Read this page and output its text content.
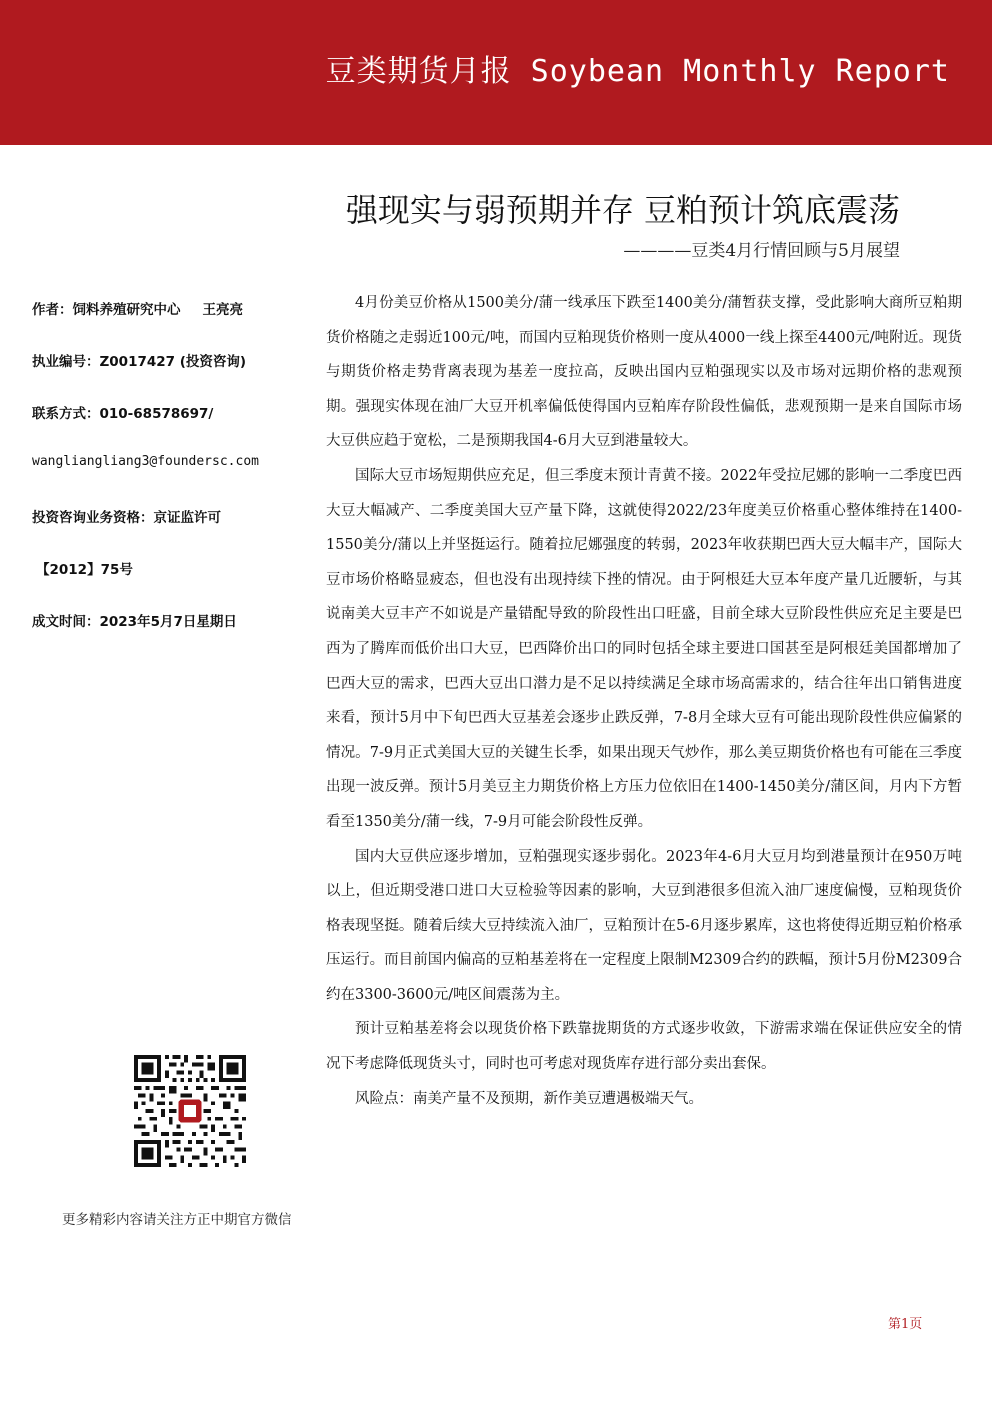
豆类期货月报 Soybean Monthly Report
强现实与弱预期并存 豆粕预计筑底震荡
————豆类4月行情回顾与5月展望
作者：饲料养殖研究中心 王亮亮
执业编号：Z0017427 (投资咨询)
联系方式：010-68578697/
wangliangliang3@foundersc.com
投资咨询业务资格：京证监许可
【2012】75号
成文时间：2023年5月7日星期日
更多精彩内容请关注方正中期官方微信

4月份美豆价格从1500美分/蒲一线承压下跌至1400美分/蒲暂获支撑，受此影响大商所豆粕期货价格随之走弱近100元/吨，而国内豆粕现货价格则一度从4000一线上探至4400元/吨附近。现货与期货价格走势背离表现为基差一度拉高，反映出国内豆粕强现实以及市场对远期价格的悲观预期。强现实体现在油厂大豆开机率偏低使得国内豆粕库存阶段性偏低，悲观预期一是来自国际市场大豆供应趋于宽松，二是预期我国4-6月大豆到港量较大。

国际大豆市场短期供应充足，但三季度末预计青黄不接。2022年受拉尼娜的影响一二季度巴西大豆大幅减产、二季度美国大豆产量下降，这就使得2022/23年度美豆价格重心整体维持在1400-1550美分/蒲以上并坚挺运行。随着拉尼娜强度的转弱，2023年收获期巴西大豆大幅丰产，国际大豆市场价格略显疲态，但也没有出现持续下挫的情况。由于阿根廷大豆本年度产量几近腰斩，与其说南美大豆丰产不如说是产量错配导致的阶段性出口旺盛，目前全球大豆阶段性供应充足主要是巴西为了腾库而低价出口大豆，巴西降价出口的同时包括全球主要进口国甚至是阿根廷美国都增加了巴西大豆的需求，巴西大豆出口潜力是不足以持续满足全球市场高需求的，结合往年出口销售进度来看，预计5月中下旬巴西大豆基差会逐步止跌反弹，7-8月全球大豆有可能出现阶段性供应偏紧的情况。7-9月正式美国大豆的关键生长季，如果出现天气炒作，那么美豆期货价格也有可能在三季度出现一波反弹。预计5月美豆主力期货价格上方压力位依旧在1400-1450美分/蒲区间，月内下方暂看至1350美分/蒲一线，7-9月可能会阶段性反弹。

国内大豆供应逐步增加，豆粕强现实逐步弱化。2023年4-6月大豆月均到港量预计在950万吨以上，但近期受港口进口大豆检验等因素的影响，大豆到港很多但流入油厂速度偏慢，豆粕现货价格表现坚挺。随着后续大豆持续流入油厂，豆粕预计在5-6月逐步累库，这也将使得近期豆粕价格承压运行。而目前国内偏高的豆粕基差将在一定程度上限制M2309合约的跌幅，预计5月份M2309合约在3300-3600元/吨区间震荡为主。

预计豆粕基差将会以现货价格下跌靠拢期货的方式逐步收敛，下游需求端在保证供应安全的情况下考虑降低现货头寸，同时也可考虑对现货库存进行部分卖出套保。

风险点：南美产量不及预期，新作美豆遭遇极端天气。

第1页
